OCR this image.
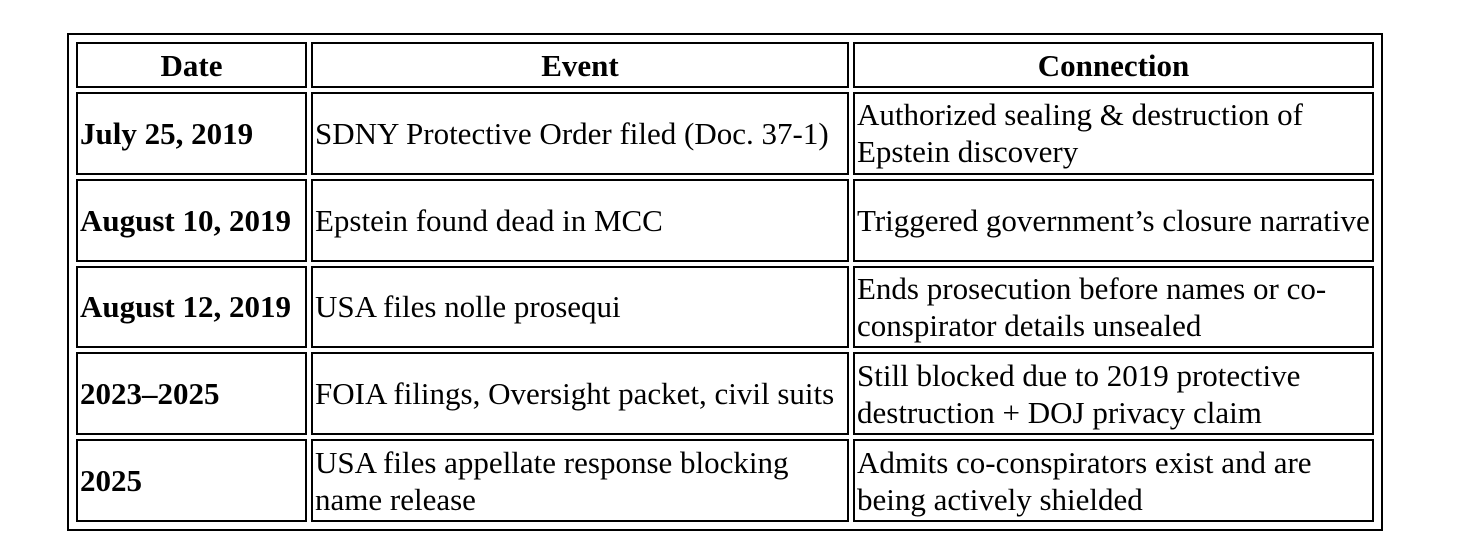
Date	Event	Connection
July 25, 2019	SDNY Protective Order filed (Doc. 37-1)	Authorized sealing & destruction of Epstein discovery
August 10, 2019	Epstein found dead in MCC	Triggered government’s closure narrative
August 12, 2019	USA files nolle prosequi	Ends prosecution before names or co-conspirator details unsealed
2023–2025	FOIA filings, Oversight packet, civil suits	Still blocked due to 2019 protective destruction + DOJ privacy claim
2025	USA files appellate response blocking name release	Admits co-conspirators exist and are being actively shielded
